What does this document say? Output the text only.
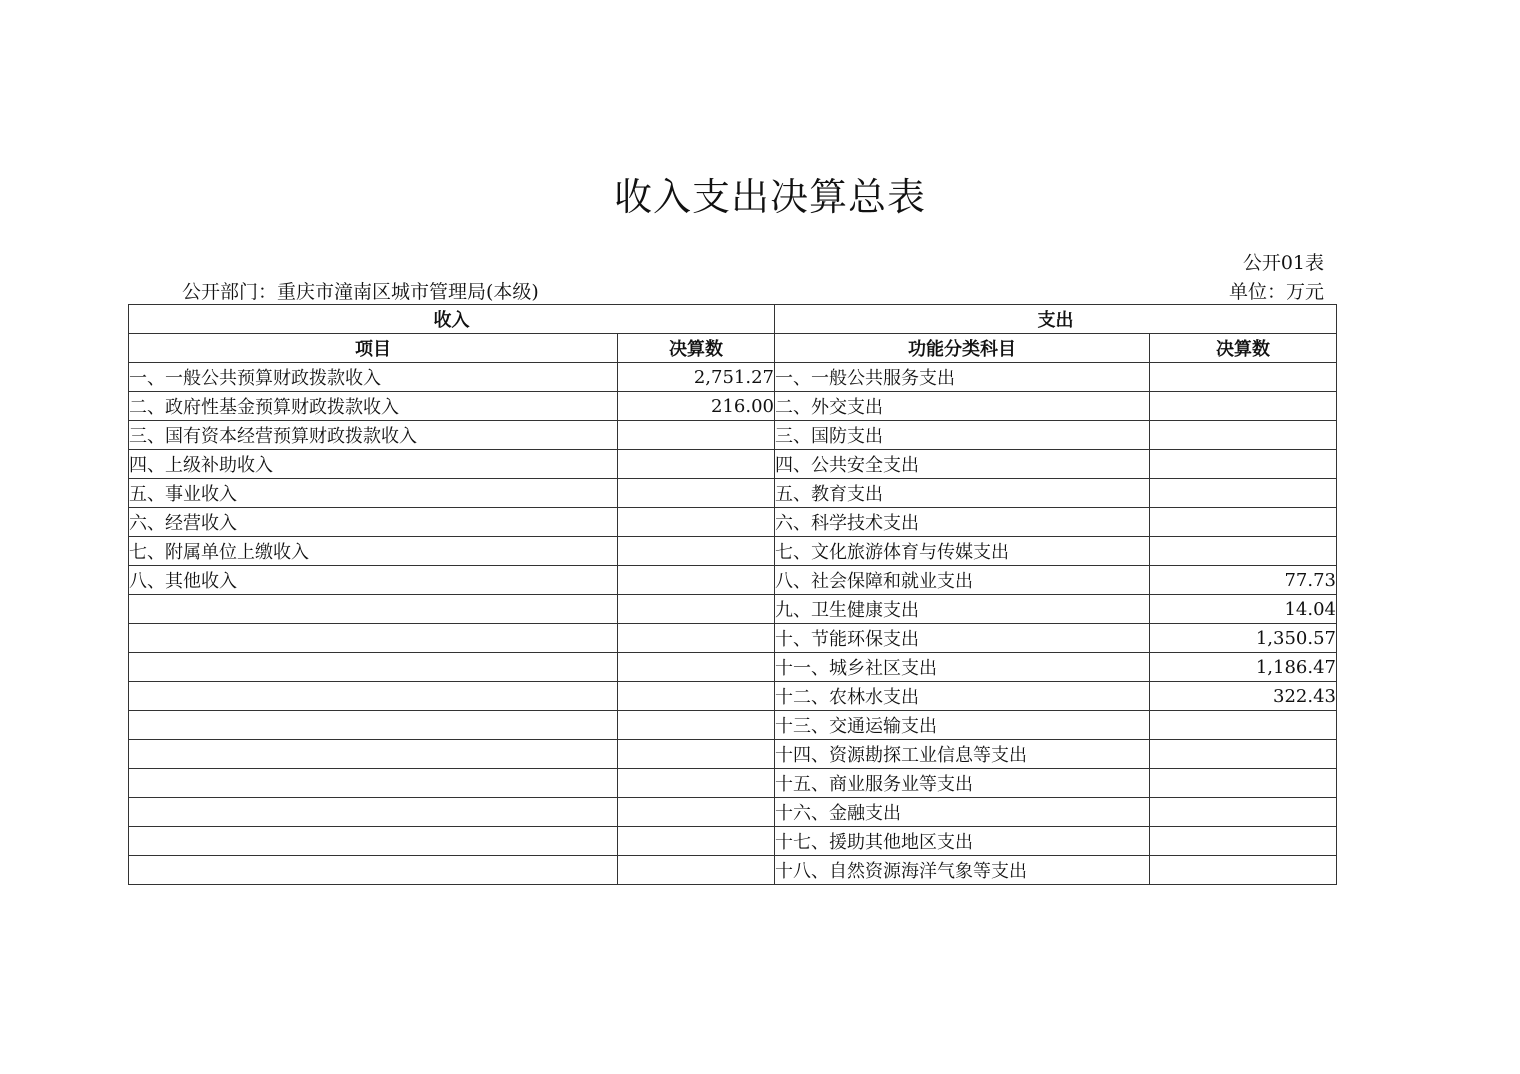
收入支出决算总表
公开01表
公开部门：重庆市潼南区城市管理局(本级)	单位：万元
收入		支出	
项目	决算数	功能分类科目	决算数
一、一般公共预算财政拨款收入	2,751.27	一、一般公共服务支出	
二、政府性基金预算财政拨款收入	216.00	二、外交支出	
三、国有资本经营预算财政拨款收入		三、国防支出	
四、上级补助收入		四、公共安全支出	
五、事业收入		五、教育支出	
六、经营收入		六、科学技术支出	
七、附属单位上缴收入		七、文化旅游体育与传媒支出	
八、其他收入		八、社会保障和就业支出	77.73
		九、卫生健康支出	14.04
		十、节能环保支出	1,350.57
		十一、城乡社区支出	1,186.47
		十二、农林水支出	322.43
		十三、交通运输支出	
		十四、资源勘探工业信息等支出	
		十五、商业服务业等支出	
		十六、金融支出	
		十七、援助其他地区支出	
		十八、自然资源海洋气象等支出	
